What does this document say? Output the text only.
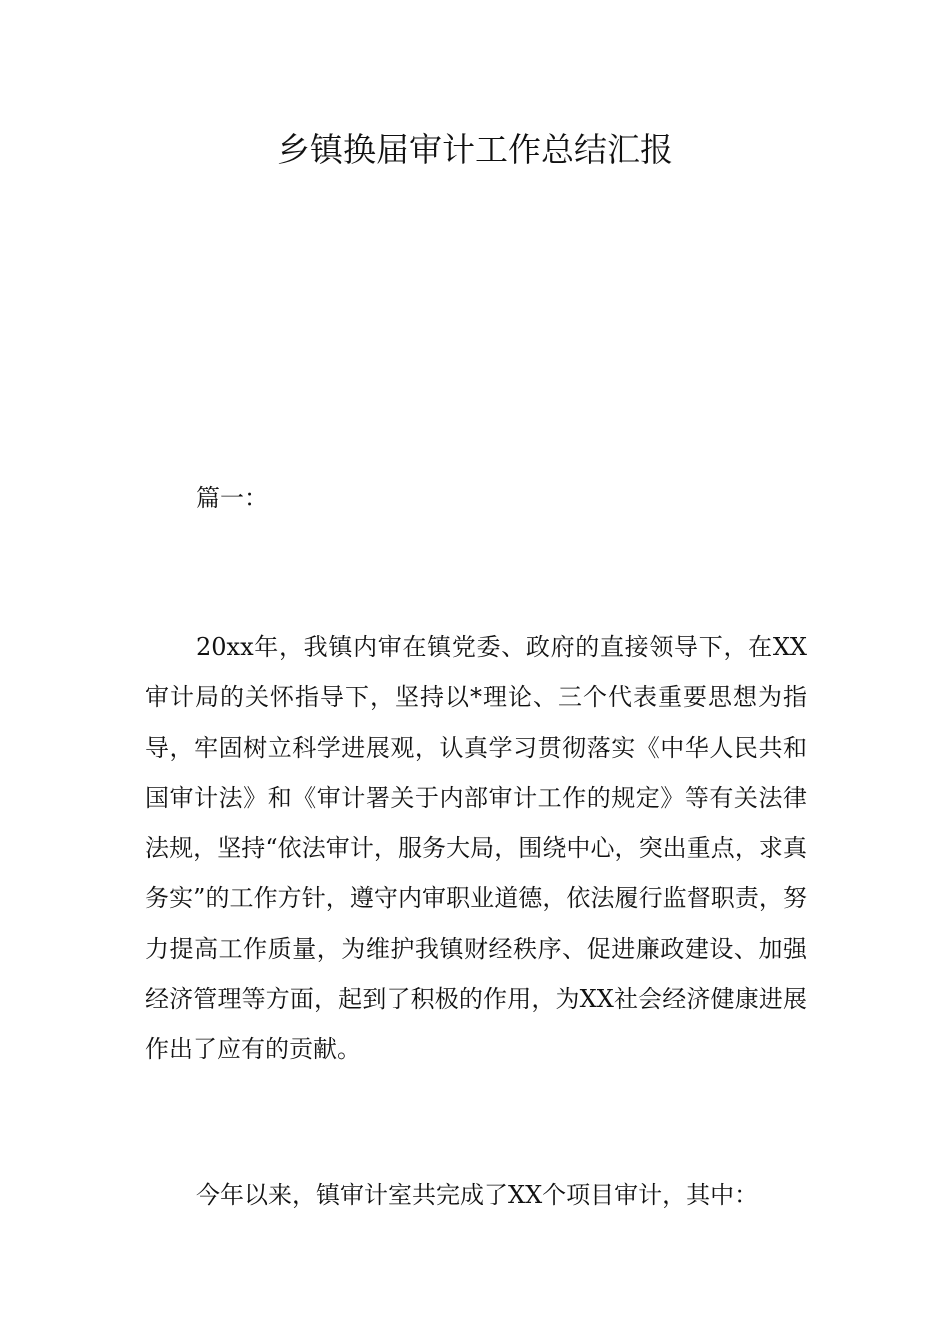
乡镇换届审计工作总结汇报

篇一：

20xx年，我镇内审在镇党委、政府的直接领导下，在XX审计局的关怀指导下，坚持以*理论、三个代表重要思想为指导，牢固树立科学进展观，认真学习贯彻落实《中华人民共和国审计法》和《审计署关于内部审计工作的规定》等有关法律法规，坚持“依法审计，服务大局，围绕中心，突出重点，求真务实”的工作方针，遵守内审职业道德，依法履行监督职责，努力提高工作质量，为维护我镇财经秩序、促进廉政建设、加强经济管理等方面，起到了积极的作用，为XX社会经济健康进展作出了应有的贡献。

今年以来，镇审计室共完成了XX个项目审计，其中：
